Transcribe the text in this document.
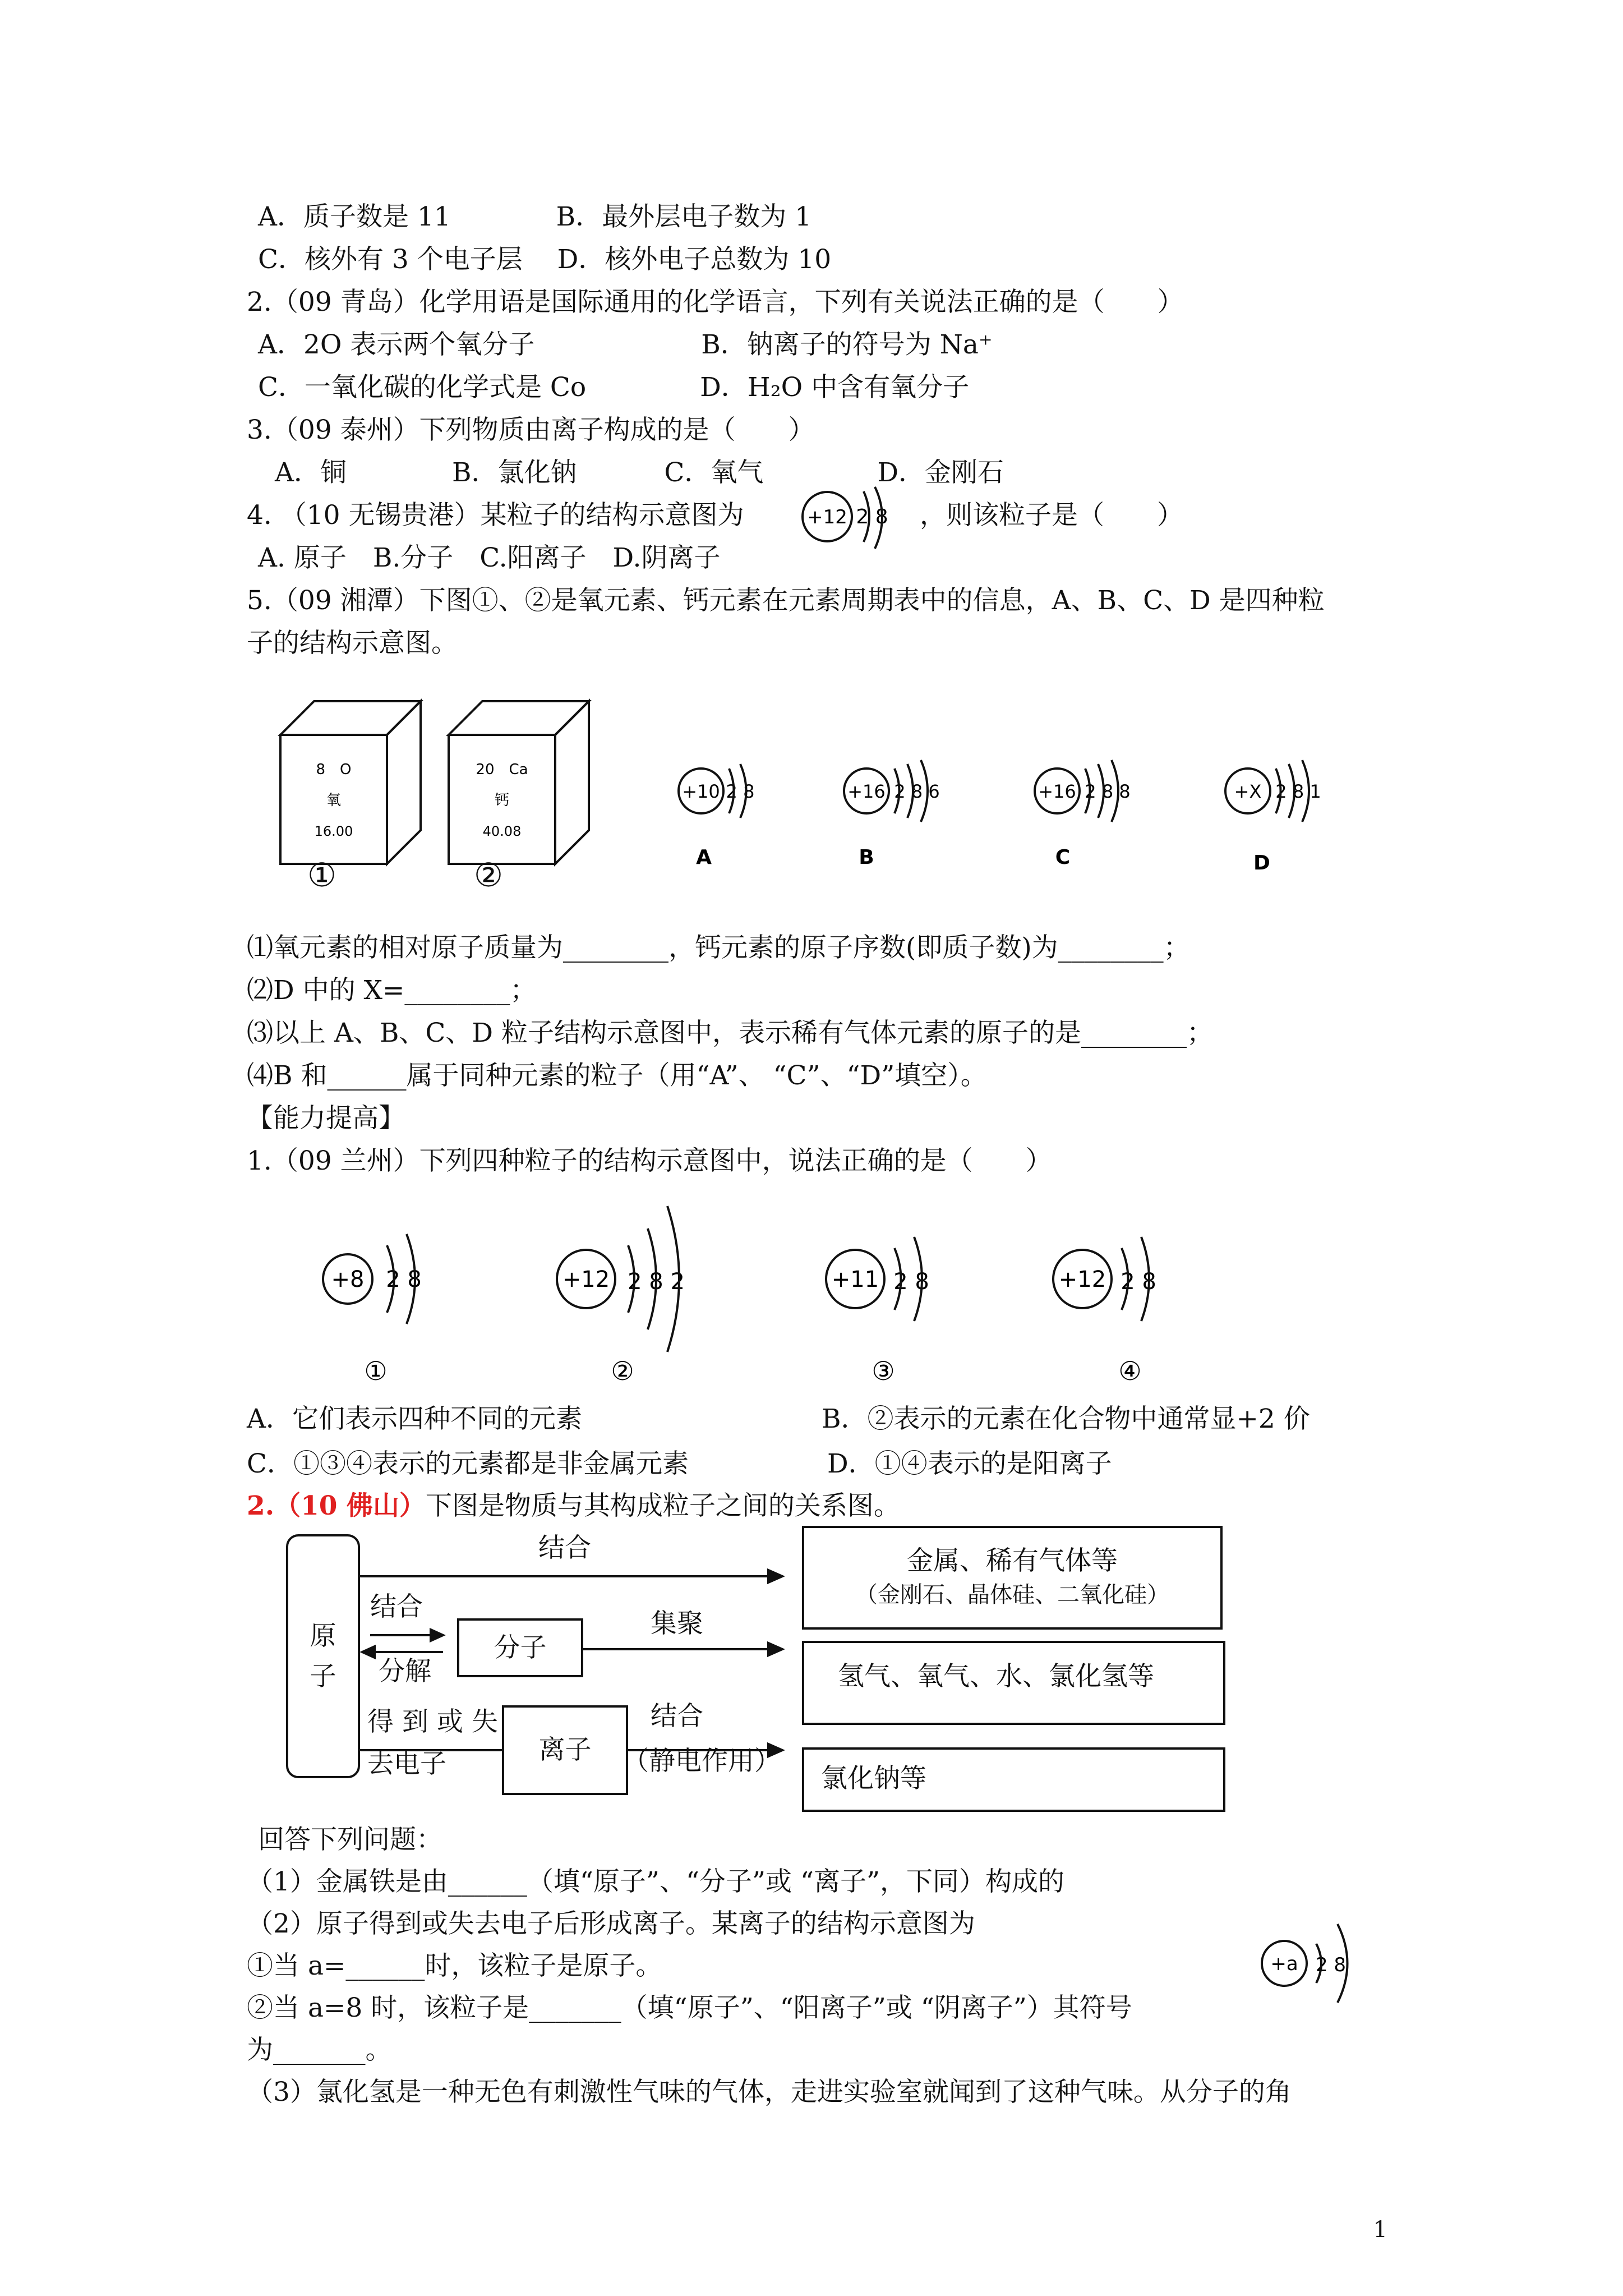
A．质子数是 11　　　　B．最外层电子数为 1
C．核外有 3 个电子层　 D．核外电子总数为 10
2.（09 青岛）化学用语是国际通用的化学语言，下列有关说法正确的是（　　）
A．2O 表示两个氧分子　　　　　　 B．钠离子的符号为 Na⁺
C．一氧化碳的化学式是 Co　　　　 D．H₂O 中含有氧分子
3.（09 泰州）下列物质由离子构成的是（　　）
A．铜　　　　B．氯化钠　　　 C．氧气　　　　 D．金刚石
4. （10 无锡贵港）某粒子的结构示意图为	+12 2 8 ，则该粒子是（　　）
A. 原子　B.分子　C.阳离子　D.阴离子
5.（09 湘潭）下图①、②是氧元素、钙元素在元素周期表中的信息，A、B、C、D 是四种粒
子的结构示意图。
8　O
氧
16.00
20　Ca
钙
40.08
①	②
+10 2 8
A
+16 2 8 6
B
+16 2 8 8
C
+X 2 8 1
D
⑴氧元素的相对原子质量为________，钙元素的原子序数(即质子数)为________；
⑵D 中的 X=________；
⑶以上 A、B、C、D 粒子结构示意图中，表示稀有气体元素的原子的是________；
⑷B 和______属于同种元素的粒子（用“A”、 “C”、“D”填空）。
【能力提高】
1.（09 兰州）下列四种粒子的结构示意图中，说法正确的是（　　）
+8 2 8
①
+12 2 8 2
②
+11 2 8
③
+12 2 8
④
A．它们表示四种不同的元素	B．②表示的元素在化合物中通常显+2 价
C．①③④表示的元素都是非金属元素	D．①④表示的是阳离子
2.（10 佛山）下图是物质与其构成粒子之间的关系图。
原
子
分子
离子
金属、稀有气体等
（金刚石、晶体硅、二氧化硅）
氢气、氧气、水、氯化氢等
氯化钠等
结合
结合
分解
集聚
得 到 或 失
去电子
结合
（静电作用）
回答下列问题：
（1）金属铁是由______（填“原子”、“分子”或 “离子”，下同）构成的
（2）原子得到或失去电子后形成离子。某离子的结构示意图为
①当 a=______时，该粒子是原子。
②当 a=8 时，该粒子是_______（填“原子”、“阳离子”或 “阴离子”）其符号
为_______。
（3）氯化氢是一种无色有刺激性气味的气体，走进实验室就闻到了这种气味。从分子的角
+a 2 8
1
